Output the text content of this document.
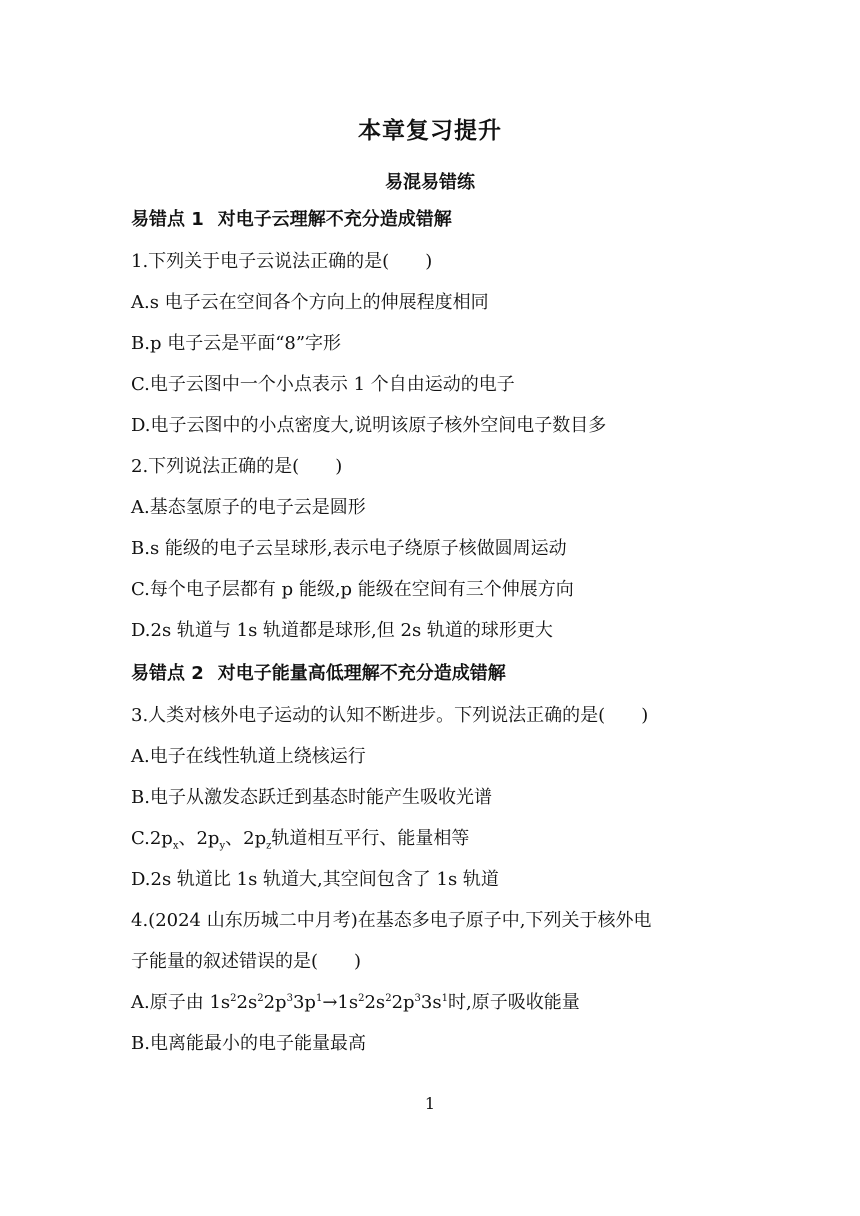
本章复习提升
易混易错练
易错点 1 对电子云理解不充分造成错解
1.下列关于电子云说法正确的是(　　)
A.s 电子云在空间各个方向上的伸展程度相同
B.p 电子云是平面“8”字形
C.电子云图中一个小点表示 1 个自由运动的电子
D.电子云图中的小点密度大,说明该原子核外空间电子数目多
2.下列说法正确的是(　　)
A.基态氢原子的电子云是圆形
B.s 能级的电子云呈球形,表示电子绕原子核做圆周运动
C.每个电子层都有 p 能级,p 能级在空间有三个伸展方向
D.2s 轨道与 1s 轨道都是球形,但 2s 轨道的球形更大
易错点 2 对电子能量高低理解不充分造成错解
3.人类对核外电子运动的认知不断进步。下列说法正确的是(　　)
A.电子在线性轨道上绕核运行
B.电子从激发态跃迁到基态时能产生吸收光谱
$C.2p_x$、$2p_y$、$2p_z$轨道相互平行、能量相等
D.2s 轨道比 1s 轨道大,其空间包含了 1s 轨道
4.(2024 山东历城二中月考)在基态多电子原子中,下列关于核外电
子能量的叙述错误的是(　　)
A.原子由 $1s^22s^22p^33p^1\to 1s^22s^22p^33s^1$时,原子吸收能量
B.电离能最小的电子能量最高
1
